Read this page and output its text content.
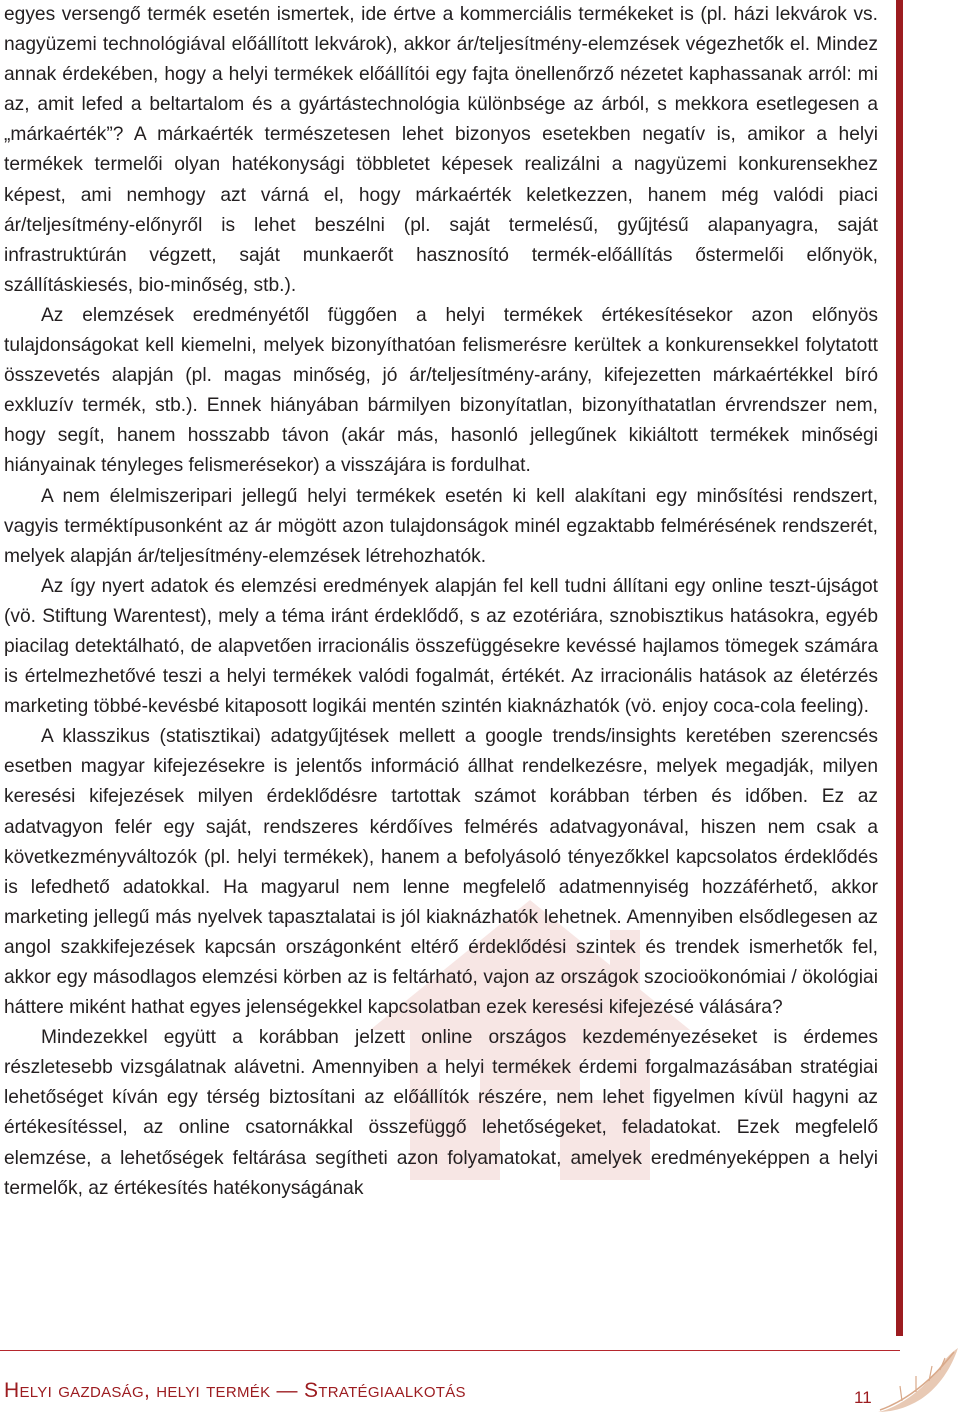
egyes versengő termék esetén ismertek, ide értve a kommerciális termékeket is (pl. házi lekvárok vs. nagyüzemi technológiával előállított lekvárok), akkor ár/teljesítmény-elemzések végezhetők el. Mindez annak érdekében, hogy a helyi termékek előállítói egy fajta önellenőrző nézetet kaphassanak arról: mi az, amit lefed a beltartalom és a gyártástechnológia különbsége az árból, s mekkora esetlegesen a „márkaérték”? A márkaérték természetesen lehet bizonyos esetekben negatív is, amikor a helyi termékek termelői olyan hatékonysági többletet képesek realizálni a nagyüzemi konkurensekhez képest, ami nemhogy azt várná el, hogy márkaérték keletkezzen, hanem még valódi piaci ár/teljesítmény-előnyről is lehet beszélni (pl. saját termelésű, gyűjtésű alapanyagra, saját infrastruktúrán végzett, saját munkaerőt hasznosító termék-előállítás őstermelői előnyök, szállításkiesés, bio-minőség, stb.).

Az elemzések eredményétől függően a helyi termékek értékesítésekor azon előnyös tulajdonságokat kell kiemelni, melyek bizonyíthatóan felismerésre kerültek a konkurensekkel folytatott összevetés alapján (pl. magas minőség, jó ár/teljesítmény-arány, kifejezetten márkaértékkel bíró exkluzív termék, stb.). Ennek hiányában bármilyen bizonyítatlan, bizonyíthatatlan érvrendszer nem, hogy segít, hanem hosszabb távon (akár más, hasonló jellegűnek kikiáltott termékek minőségi hiányainak tényleges felismerésekor) a visszájára is fordulhat.

A nem élelmiszeripari jellegű helyi termékek esetén ki kell alakítani egy minősítési rendszert, vagyis terméktípusonként az ár mögött azon tulajdonságok minél egzaktabb felmérésének rendszerét, melyek alapján ár/teljesítmény-elemzések létrehozhatók.

Az így nyert adatok és elemzési eredmények alapján fel kell tudni állítani egy online teszt-újságot (vö. Stiftung Warentest), mely a téma iránt érdeklődő, s az ezotériára, sznobisztikus hatásokra, egyéb piacilag detektálható, de alapvetően irracionális összefüggésekre kevéssé hajlamos tömegek számára is értelmezhetővé teszi a helyi termékek valódi fogalmát, értékét. Az irracionális hatások az életérzés marketing többé-kevésbé kitaposott logikái mentén szintén kiaknázhatók (vö. enjoy coca-cola feeling).

A klasszikus (statisztikai) adatgyűjtések mellett a google trends/insights keretében szerencsés esetben magyar kifejezésekre is jelentős információ állhat rendelkezésre, melyek megadják, milyen keresési kifejezések milyen érdeklődésre tartottak számot korábban térben és időben. Ez az adatvagyon felér egy saját, rendszeres kérdőíves felmérés adatvagyonával, hiszen nem csak a következményváltozók (pl. helyi termékek), hanem a befolyásoló tényezőkkel kapcsolatos érdeklődés is lefedhető adatokkal. Ha magyarul nem lenne megfelelő adatmennyiség hozzáférhető, akkor marketing jellegű más nyelvek tapasztalatai is jól kiaknázhatók lehetnek. Amennyiben elsődlegesen az angol szakkifejezések kapcsán országonként eltérő érdeklődési szintek és trendek ismerhetők fel, akkor egy másodlagos elemzési körben az is feltárható, vajon az országok szocioökonómiai / ökológiai háttere miként hathat egyes jelenségekkel kapcsolatban ezek keresési kifejezésé válására?

Mindezekkel együtt a korábban jelzett online országos kezdeményezéseket is érdemes részletesebb vizsgálatnak alávetni. Amennyiben a helyi termékek érdemi forgalmazásában stratégiai lehetőséget kíván egy térség biztosítani az előállítók részére, nem lehet figyelmen kívül hagyni az értékesítéssel, az online csatornákkal összefüggő lehetőségeket, feladatokat. Ezek megfelelő elemzése, a lehetőségek feltárása segítheti azon folyamatokat, amelyek eredményeképpen a helyi termelők, az értékesítés hatékonyságának

Helyi gazdaság, helyi termék — Stratégiaalkotás	11
